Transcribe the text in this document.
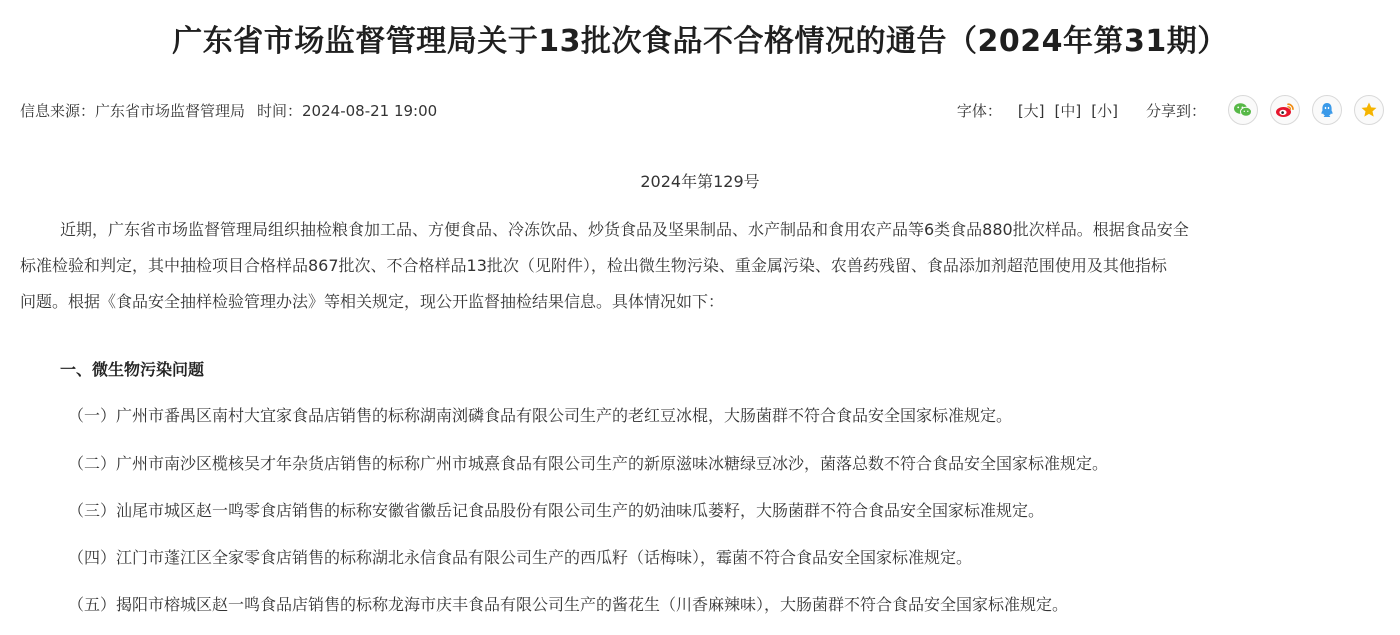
广东省市场监督管理局关于13批次食品不合格情况的通告（2024年第31期）
信息来源：广东省市场监督管理局 时间：2024-08-21 19:00	字体： [大] [中] [小] 分享到：
2024年第129号
近期，广东省市场监督管理局组织抽检粮食加工品、方便食品、冷冻饮品、炒货食品及坚果制品、水产制品和食用农产品等6类食品880批次样品。根据食品安全
标准检验和判定，其中抽检项目合格样品867批次、不合格样品13批次（见附件），检出微生物污染、重金属污染、农兽药残留、食品添加剂超范围使用及其他指标
问题。根据《食品安全抽样检验管理办法》等相关规定，现公开监督抽检结果信息。具体情况如下：
一、微生物污染问题
（一）广州市番禺区南村大宜家食品店销售的标称湖南浏磷食品有限公司生产的老红豆冰棍，大肠菌群不符合食品安全国家标准规定。
（二）广州市南沙区榄核吴才年杂货店销售的标称广州市城熹食品有限公司生产的新原滋味冰糖绿豆冰沙，菌落总数不符合食品安全国家标准规定。
（三）汕尾市城区赵一鸣零食店销售的标称安徽省徽岳记食品股份有限公司生产的奶油味瓜蒌籽，大肠菌群不符合食品安全国家标准规定。
（四）江门市蓬江区全家零食店销售的标称湖北永信食品有限公司生产的西瓜籽（话梅味），霉菌不符合食品安全国家标准规定。
（五）揭阳市榕城区赵一鸣食品店销售的标称龙海市庆丰食品有限公司生产的酱花生（川香麻辣味），大肠菌群不符合食品安全国家标准规定。
